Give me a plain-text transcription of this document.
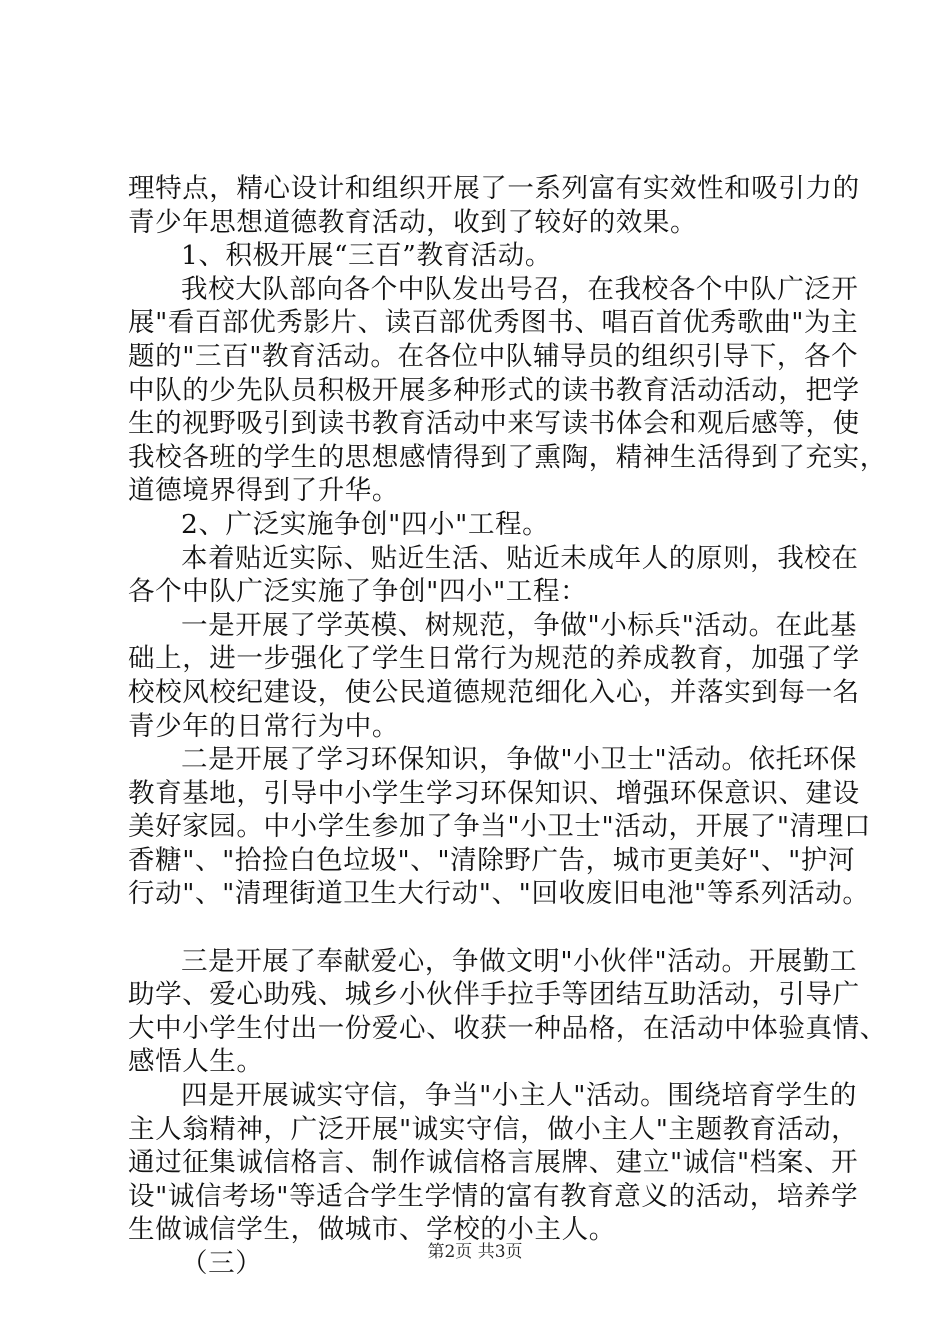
理特点，精心设计和组织开展了一系列富有实效性和吸引力的
青少年思想道德教育活动，收到了较好的效果。
1、积极开展“三百”教育活动。
我校大队部向各个中队发出号召，在我校各个中队广泛开
展"看百部优秀影片、读百部优秀图书、唱百首优秀歌曲"为主
题的"三百"教育活动。在各位中队辅导员的组织引导下，各个
中队的少先队员积极开展多种形式的读书教育活动活动，把学
生的视野吸引到读书教育活动中来写读书体会和观后感等，使
我校各班的学生的思想感情得到了熏陶，精神生活得到了充实，
道德境界得到了升华。
2、广泛实施争创"四小"工程。
本着贴近实际、贴近生活、贴近未成年人的原则，我校在
各个中队广泛实施了争创"四小"工程：
一是开展了学英模、树规范，争做"小标兵"活动。在此基
础上，进一步强化了学生日常行为规范的养成教育，加强了学
校校风校纪建设，使公民道德规范细化入心，并落实到每一名
青少年的日常行为中。
二是开展了学习环保知识，争做"小卫士"活动。依托环保
教育基地，引导中小学生学习环保知识、增强环保意识、建设
美好家园。中小学生参加了争当"小卫士"活动，开展了"清理口
香糖"、"拾捡白色垃圾"、"清除野广告，城市更美好"、"护河
行动"、"清理街道卫生大行动"、"回收废旧电池"等系列活动。
三是开展了奉献爱心，争做文明"小伙伴"活动。开展勤工
助学、爱心助残、城乡小伙伴手拉手等团结互助活动，引导广
大中小学生付出一份爱心、收获一种品格，在活动中体验真情、
感悟人生。
四是开展诚实守信，争当"小主人"活动。围绕培育学生的
主人翁精神，广泛开展"诚实守信，做小主人"主题教育活动，
通过征集诚信格言、制作诚信格言展牌、建立"诚信"档案、开
设"诚信考场"等适合学生学情的富有教育意义的活动，培养学
生做诚信学生，做城市、学校的小主人。
（三）	第2页 共3页
